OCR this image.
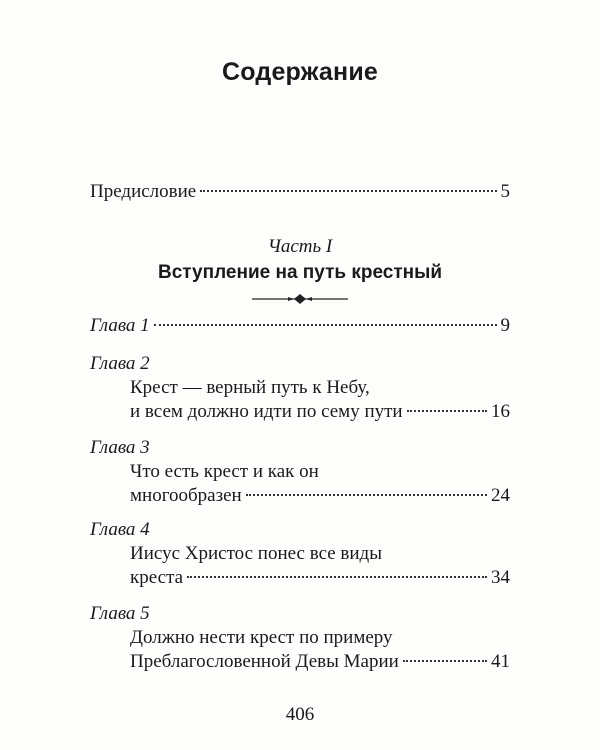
Содержание
Предисловие	5
Часть I
Вступление на путь крестный
Глава 1	9
Глава 2
Крест — верный путь к Небу,
и всем должно идти по сему пути	16
Глава 3
Что есть крест и как он
многообразен	24
Глава 4
Иисус Христос понес все виды
креста	34
Глава 5
Должно нести крест по примеру
Преблагословенной Девы Марии	41
406
